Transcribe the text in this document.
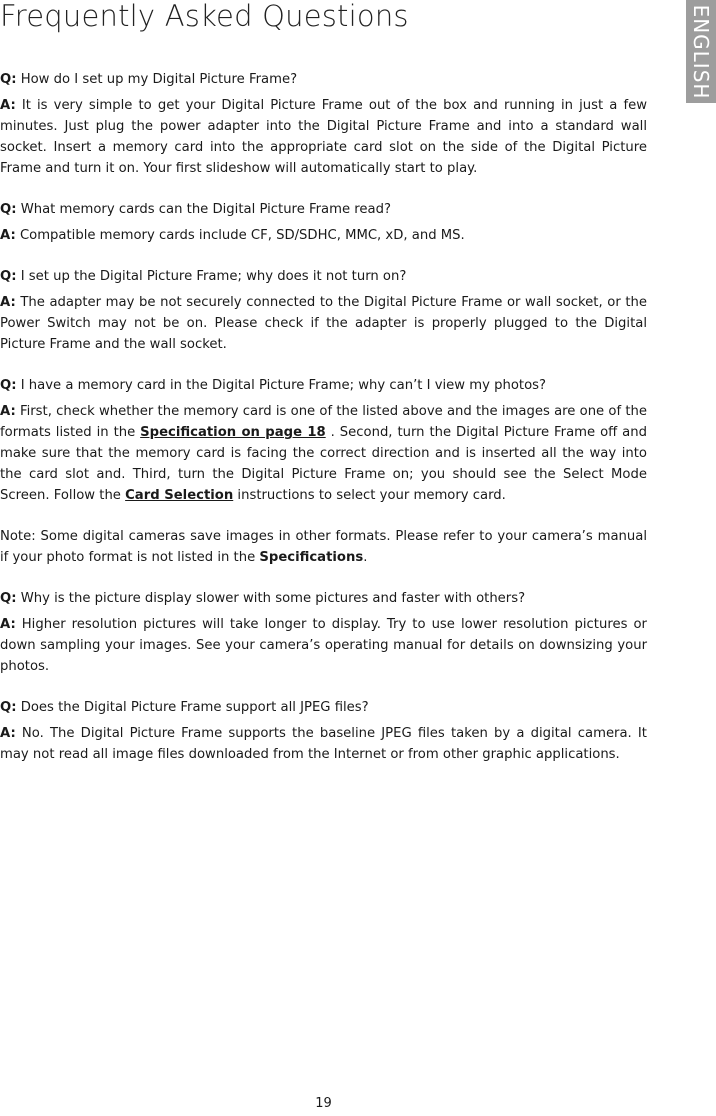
Frequently Asked Questions	ENGLISH

Q: How do I set up my Digital Picture Frame?

A: It is very simple to get your Digital Picture Frame out of the box and running in just a few minutes. Just plug the power adapter into the Digital Picture Frame and into a standard wall socket. Insert a memory card into the appropriate card slot on the side of the Digital Picture Frame and turn it on. Your first slideshow will automatically start to play.

Q: What memory cards can the Digital Picture Frame read?

A: Compatible memory cards include CF, SD/SDHC, MMC, xD, and MS.

Q: I set up the Digital Picture Frame; why does it not turn on?

A: The adapter may be not securely connected to the Digital Picture Frame or wall socket, or the Power Switch may not be on. Please check if the adapter is properly plugged to the Digital Picture Frame and the wall socket.

Q: I have a memory card in the Digital Picture Frame; why can’t I view my photos?

A: First, check whether the memory card is one of the listed above and the images are one of the formats listed in the Specification on page 18 . Second, turn the Digital Picture Frame off and make sure that the memory card is facing the correct direction and is inserted all the way into the card slot and. Third, turn the Digital Picture Frame on; you should see the Select Mode Screen. Follow the Card Selection instructions to select your memory card.

Note: Some digital cameras save images in other formats. Please refer to your camera’s manual if your photo format is not listed in the Specifications.

Q: Why is the picture display slower with some pictures and faster with others?

A: Higher resolution pictures will take longer to display. Try to use lower resolution pictures or down sampling your images. See your camera’s operating manual for details on downsizing your photos.

Q: Does the Digital Picture Frame support all JPEG files?

A: No. The Digital Picture Frame supports the baseline JPEG files taken by a digital camera. It may not read all image files downloaded from the Internet or from other graphic applications.

19
